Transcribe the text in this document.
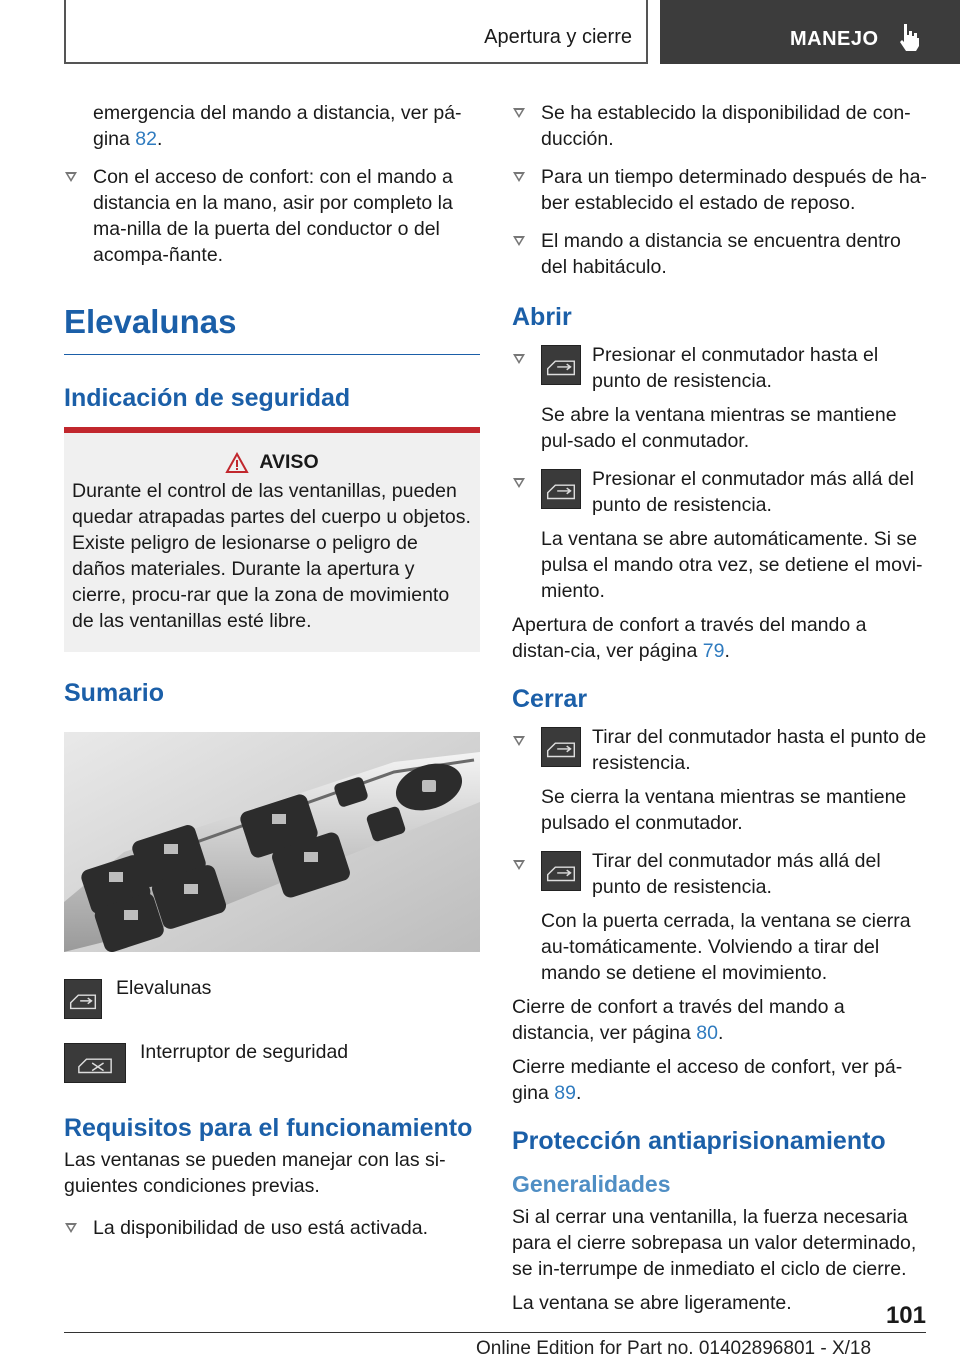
Apertura y cierre	MANEJO

emergencia del mando a distancia, ver pá-gina 82.

Con el acceso de confort: con el mando a distancia en la mano, asir por completo la ma-nilla de la puerta del conductor o del acompa-ñante.
Elevalunas
Indicación de seguridad
AVISO

Durante el control de las ventanillas, pueden quedar atrapadas partes del cuerpo u objetos. Existe peligro de lesionarse o peligro de daños materiales. Durante la apertura y cierre, procu-rar que la zona de movimiento de las ventanillas esté libre.

Sumario
Elevalunas
Interruptor de seguridad
Requisitos para el funcionamiento

Las ventanas se pueden manejar con las si-guientes condiciones previas.

La disponibilidad de uso está activada.
Se ha establecido la disponibilidad de con-ducción.
Para un tiempo determinado después de ha-ber establecido el estado de reposo.
El mando a distancia se encuentra dentro del habitáculo.
Abrir
Presionar el conmutador hasta el punto de resistencia.

Se abre la ventana mientras se mantiene pul-sado el conmutador.

Presionar el conmutador más allá del punto de resistencia.

La ventana se abre automáticamente. Si se pulsa el mando otra vez, se detiene el movi-miento.

Apertura de confort a través del mando a distan-cia, ver página 79.

Cerrar
Tirar del conmutador hasta el punto de resistencia.

Se cierra la ventana mientras se mantiene pulsado el conmutador.

Tirar del conmutador más allá del punto de resistencia.

Con la puerta cerrada, la ventana se cierra au-tomáticamente. Volviendo a tirar del mando se detiene el movimiento.

Cierre de confort a través del mando a distancia, ver página 80.

Cierre mediante el acceso de confort, ver pá-gina 89.

Protección antiaprisionamiento
Generalidades

Si al cerrar una ventanilla, la fuerza necesaria para el cierre sobrepasa un valor determinado, se in-terrumpe de inmediato el ciclo de cierre.

La ventana se abre ligeramente.	101
Online Edition for Part no. 01402896801 - X/18
